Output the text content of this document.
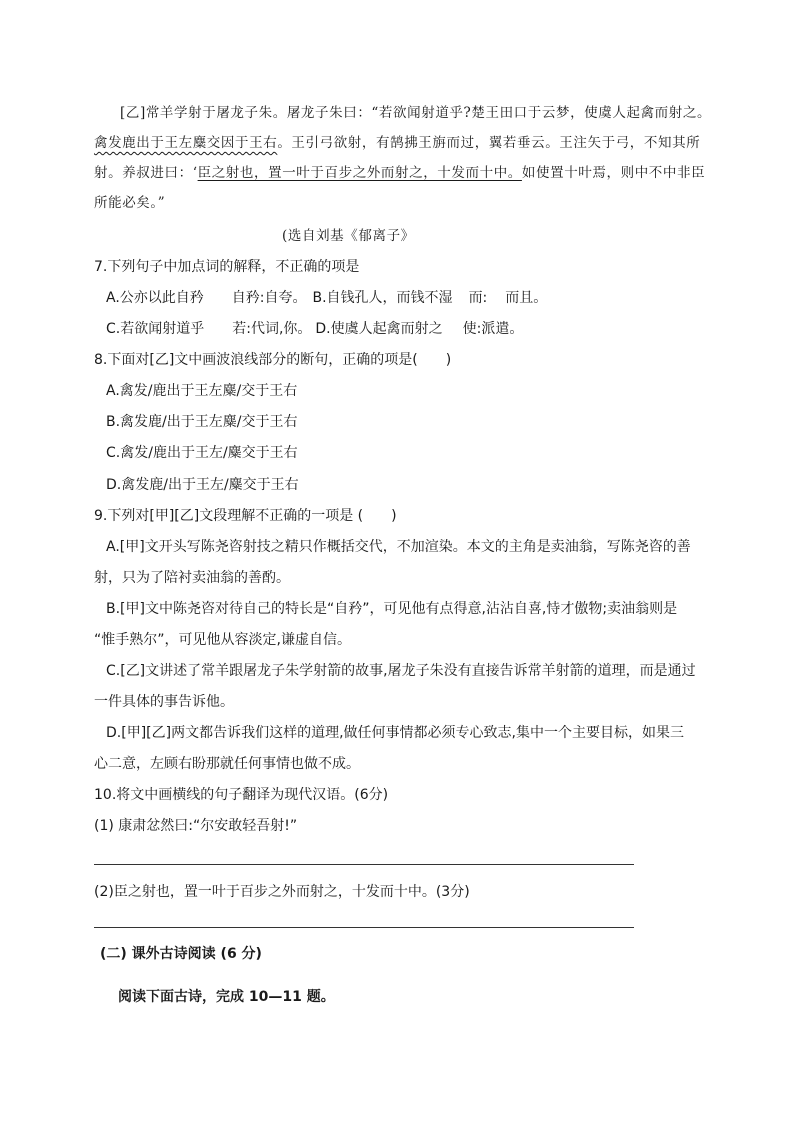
[乙]常羊学射于屠龙子朱。屠龙子朱曰：“若欲闻射道乎?楚王田口于云梦，使虞人起禽而射之。
禽发鹿出于王左麋交因于王右。王引弓欲射，有鹄拂王旃而过，翼若垂云。王注矢于弓，不知其所
射。养叔进曰：‘臣之射也，置一叶于百步之外而射之，十发而十中。如使置十叶焉，则中不中非臣
所能必矣。”
(选自刘基《郁离子》
7.下列句子中加点词的解释，不正确的项是
A.公亦以此自矜 自矜:自夸。 B.自钱孔人，而钱不湿 而: 而且。
C.若欲闻射道乎 若:代词,你。 D.使虞人起禽而射之 使:派遣。
8.下面对[乙]文中画波浪线部分的断句，正确的项是(　　)
A.禽发/鹿出于王左麋/交于王右
B.禽发鹿/出于王左麋/交于王右
C.禽发/鹿出于王左/麋交于王右
D.禽发鹿/出于王左/麋交于王右
9.下列对[甲][乙]文段理解不正确的一项是 (　　)
A.[甲]文开头写陈尧咨射技之精只作概括交代，不加渲染。本文的主角是卖油翁，写陈尧咨的善
射，只为了陪衬卖油翁的善酌。
B.[甲]文中陈尧咨对待自己的特长是“自矜”，可见他有点得意,沾沾自喜,恃才傲物;卖油翁则是
“惟手熟尔”，可见他从容淡定,谦虚自信。
C.[乙]文讲述了常羊跟屠龙子朱学射箭的故事,屠龙子朱没有直接告诉常羊射箭的道理，而是通过
一件具体的事告诉他。
D.[甲][乙]两文都告诉我们这样的道理,做任何事情都必须专心致志,集中一个主要目标，如果三
心二意，左顾右盼那就任何事情也做不成。
10.将文中画横线的句子翻译为现代汉语。(6分)
(1) 康肃忿然曰:“尔安敢轻吾射!”
(2)臣之射也，置一叶于百步之外而射之，十发而十中。(3分)
(二) 课外古诗阅读 (6 分)
阅读下面古诗，完成 10—11 题。
